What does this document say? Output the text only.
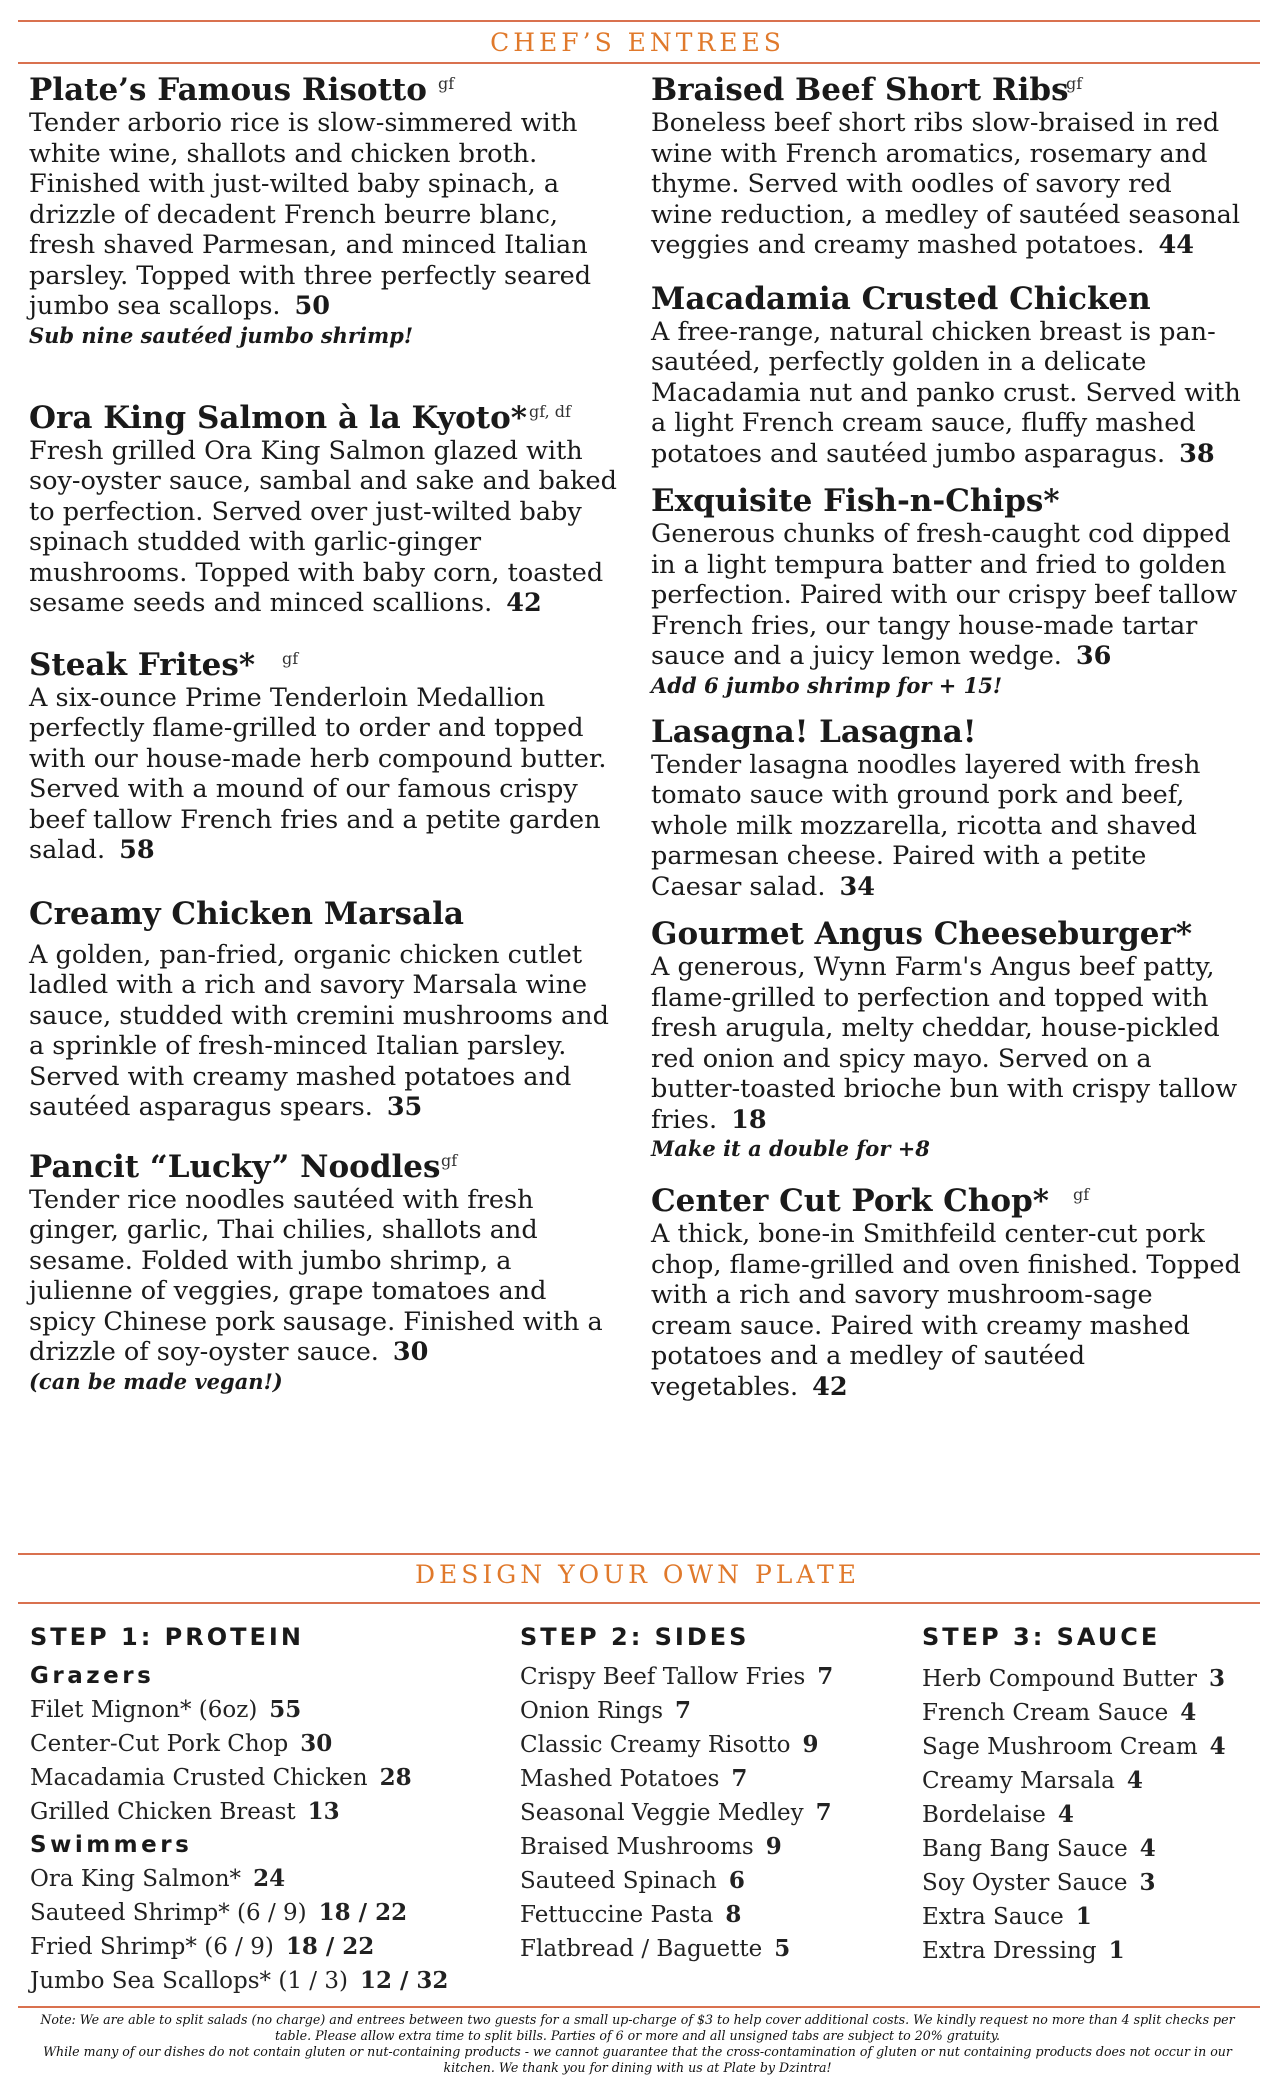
CHEF’S ENTREES
Plate’s Famous Risotto gf

Tender arborio rice is slow-simmered with white wine, shallots and chicken broth. Finished with just-wilted baby spinach, a drizzle of decadent French beurre blanc, fresh shaved Parmesan, and minced Italian parsley. Topped with three perfectly seared jumbo sea scallops. 50

Sub nine sautéed jumbo shrimp!
Ora King Salmon à la Kyoto* gf, df

Fresh grilled Ora King Salmon glazed with soy-oyster sauce, sambal and sake and baked to perfection. Served over just-wilted baby spinach studded with garlic-ginger mushrooms. Topped with baby corn, toasted sesame seeds and minced scallions. 42

Steak Frites*	gf

A six-ounce Prime Tenderloin Medallion perfectly flame-grilled to order and topped with our house-made herb compound butter. Served with a mound of our famous crispy beef tallow French fries and a petite garden salad. 58

Creamy Chicken Marsala

A golden, pan-fried, organic chicken cutlet ladled with a rich and savory Marsala wine sauce, studded with cremini mushrooms and a sprinkle of fresh-minced Italian parsley. Served with creamy mashed potatoes and sautéed asparagus spears. 35

Pancit “Lucky” Noodles gf

Tender rice noodles sautéed with fresh ginger, garlic, Thai chilies, shallots and sesame. Folded with jumbo shrimp, a julienne of veggies, grape tomatoes and spicy Chinese pork sausage. Finished with a drizzle of soy-oyster sauce. 30

(can be made vegan!)
Braised Beef Short Ribs
gf

Boneless beef short ribs slow-braised in red wine with French aromatics, rosemary and thyme. Served with oodles of savory red wine reduction, a medley of sautéed seasonal veggies and creamy mashed potatoes. 44

Macadamia Crusted Chicken

A free-range, natural chicken breast is pan-sautéed, perfectly golden in a delicate Macadamia nut and panko crust. Served with a light French cream sauce, fluffy mashed potatoes and sautéed jumbo asparagus. 38

Exquisite Fish-n-Chips*

Generous chunks of fresh-caught cod dipped in a light tempura batter and fried to golden perfection. Paired with our crispy beef tallow French fries, our tangy house-made tartar sauce and a juicy lemon wedge. 36

Add 6 jumbo shrimp for + 15!
Lasagna! Lasagna!

Tender lasagna noodles layered with fresh tomato sauce with ground pork and beef, whole milk mozzarella, ricotta and shaved parmesan cheese. Paired with a petite Caesar salad. 34

Gourmet Angus Cheeseburger*

A generous, Wynn Farm's Angus beef patty, flame-grilled to perfection and topped with fresh arugula, melty cheddar, house-pickled red onion and spicy mayo. Served on a butter-toasted brioche bun with crispy tallow fries. 18

Make it a double for +8
Center Cut Pork Chop*	gf

A thick, bone-in Smithfeild center-cut pork chop, flame-grilled and oven finished. Topped with a rich and savory mushroom-sage cream sauce. Paired with creamy mashed potatoes and a medley of sautéed vegetables. 42

DESIGN YOUR OWN PLATE
STEP 1: PROTEIN
Grazers
Filet Mignon* (6oz) 55
Center-Cut Pork Chop 30
Macadamia Crusted Chicken 28
Grilled Chicken Breast 13
Swimmers
Ora King Salmon* 24
Sauteed Shrimp* (6 / 9) 18 / 22
Fried Shrimp* (6 / 9) 18 / 22
Jumbo Sea Scallops* (1 / 3) 12 / 32
STEP 2: SIDES
Crispy Beef Tallow Fries 7
Onion Rings 7
Classic Creamy Risotto 9
Mashed Potatoes 7
Seasonal Veggie Medley 7
Braised Mushrooms 9
Sauteed Spinach 6
Fettuccine Pasta 8
Flatbread / Baguette 5
STEP 3: SAUCE
Herb Compound Butter 3
French Cream Sauce 4
Sage Mushroom Cream 4
Creamy Marsala 4
Bordelaise 4
Bang Bang Sauce 4
Soy Oyster Sauce 3
Extra Sauce 1
Extra Dressing 1
Note: We are able to split salads (no charge) and entrees between two guests for a small up-charge of $3 to help cover additional costs. We kindly request no more than 4 split checks per table. Please allow extra time to split bills. Parties of 6 or more and all unsigned tabs are subject to 20% gratuity.
While many of our dishes do not contain gluten or nut-containing products - we cannot guarantee that the cross-contamination of gluten or nut containing products does not occur in our kitchen. We thank you for dining with us at Plate by Dzintra!
